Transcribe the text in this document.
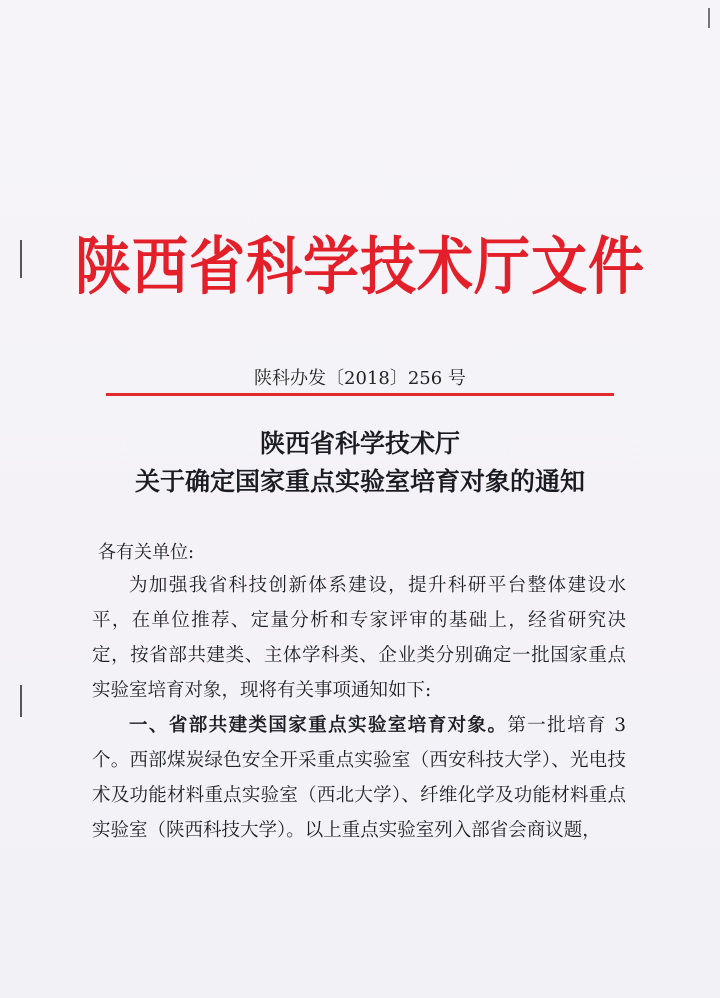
陕西省科学技术厅文件
陕科办发〔2018〕256 号
陕西省科学技术厅
关于确定国家重点实验室培育对象的通知
各有关单位:

为加强我省科技创新体系建设，提升科研平台整体建设水平，在单位推荐、定量分析和专家评审的基础上，经省研究决定，按省部共建类、主体学科类、企业类分别确定一批国家重点实验室培育对象，现将有关事项通知如下:

一、省部共建类国家重点实验室培育对象。第一批培育 3 个。西部煤炭绿色安全开采重点实验室（西安科技大学）、光电技术及功能材料重点实验室（西北大学）、纤维化学及功能材料重点实验室（陕西科技大学）。以上重点实验室列入部省会商议题，
